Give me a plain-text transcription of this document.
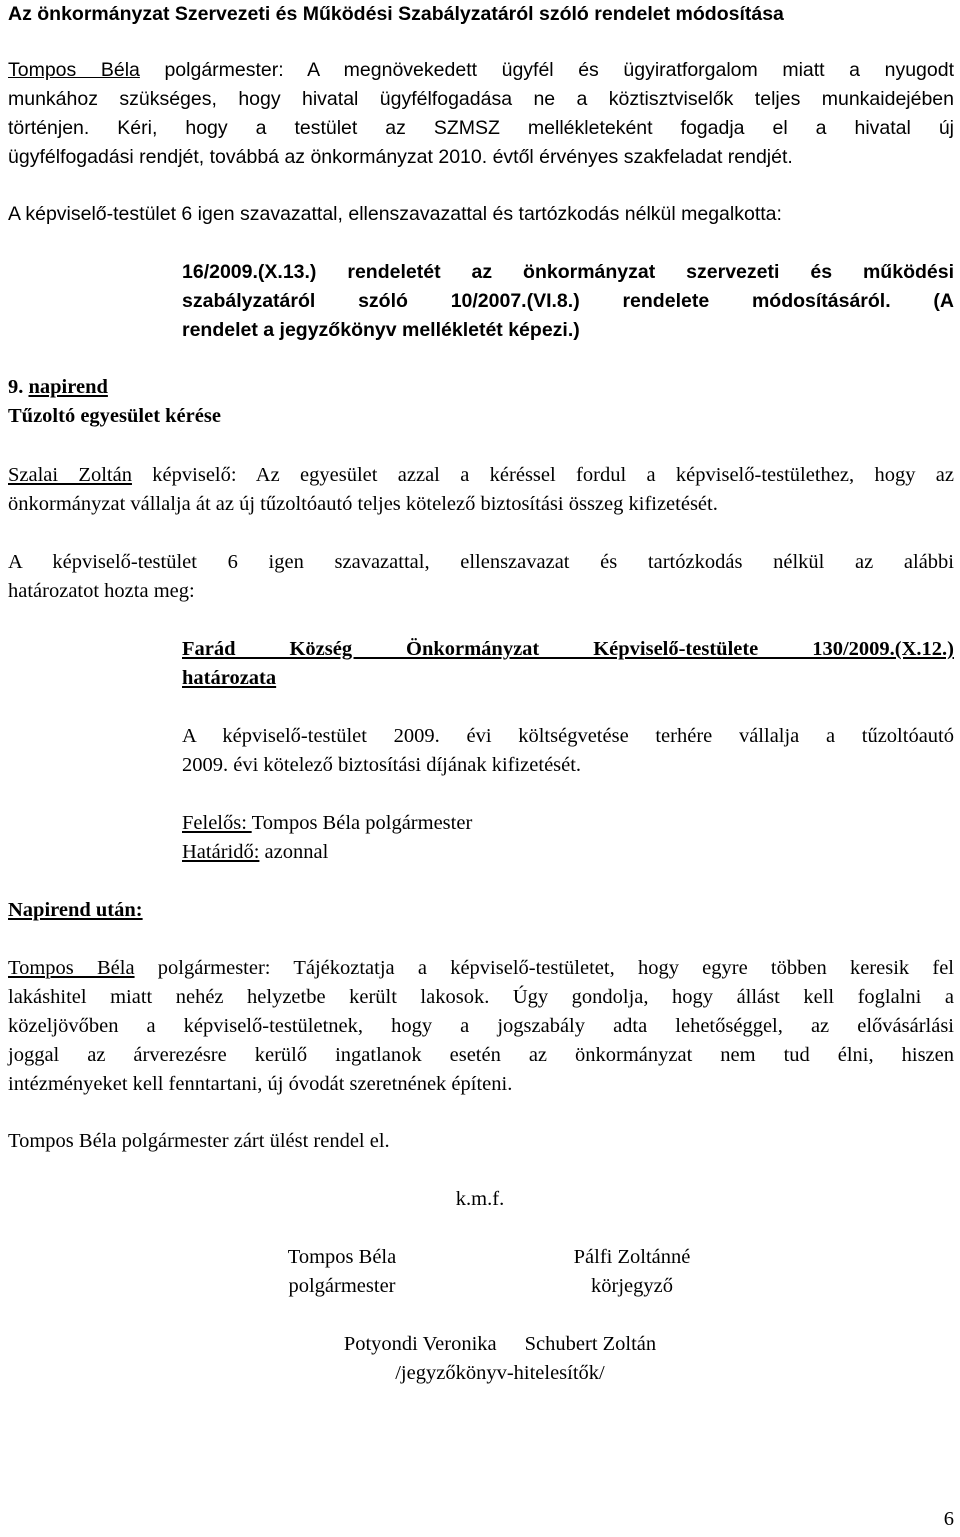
Az önkormányzat Szervezeti és Működési Szabályzatáról szóló rendelet módosítása
Tompos Béla polgármester: A megnövekedett ügyfél és ügyiratforgalom miatt a nyugodt
munkához szükséges, hogy hivatal ügyfélfogadása ne a köztisztviselők teljes munkaidejében
történjen. Kéri, hogy a testület az SZMSZ mellékleteként fogadja el a hivatal új
ügyfélfogadási rendjét, továbbá az önkormányzat 2010. évtől érvényes szakfeladat rendjét.
A képviselő-testület 6 igen szavazattal, ellenszavazattal és tartózkodás nélkül megalkotta:
16/2009.(X.13.) rendeletét az önkormányzat szervezeti és működési
szabályzatáról szóló 10/2007.(VI.8.) rendelete módosításáról. (A
rendelet a jegyzőkönyv mellékletét képezi.)
9. napirend
Tűzoltó egyesület kérése
Szalai Zoltán képviselő: Az egyesület azzal a kéréssel fordul a képviselő-testülethez, hogy az
önkormányzat vállalja át az új tűzoltóautó teljes kötelező biztosítási összeg kifizetését.
A képviselő-testület 6 igen szavazattal, ellenszavazat és tartózkodás nélkül az alábbi
határozatot hozta meg:
Farád Község Önkormányzat Képviselő-testülete 130/2009.(X.12.)
határozata
A képviselő-testület 2009. évi költségvetése terhére vállalja a tűzoltóautó
2009. évi kötelező biztosítási díjának kifizetését.
Felelős: Tompos Béla polgármester
Határidő: azonnal
Napirend után:
Tompos Béla polgármester: Tájékoztatja a képviselő-testületet, hogy egyre többen keresik fel
lakáshitel miatt nehéz helyzetbe került lakosok. Úgy gondolja, hogy állást kell foglalni a
közeljövőben a képviselő-testületnek, hogy a jogszabály adta lehetőséggel, az elővásárlási
joggal az árverezésre kerülő ingatlanok esetén az önkormányzat nem tud élni, hiszen
intézményeket kell fenntartani, új óvodát szeretnének építeni.
Tompos Béla polgármester zárt ülést rendel el.
k.m.f.
Tompos Béla
polgármester
Pálfi Zoltánné
körjegyző
Potyondi Veronika Schubert Zoltán
/jegyzőkönyv-hitelesítők/
6
